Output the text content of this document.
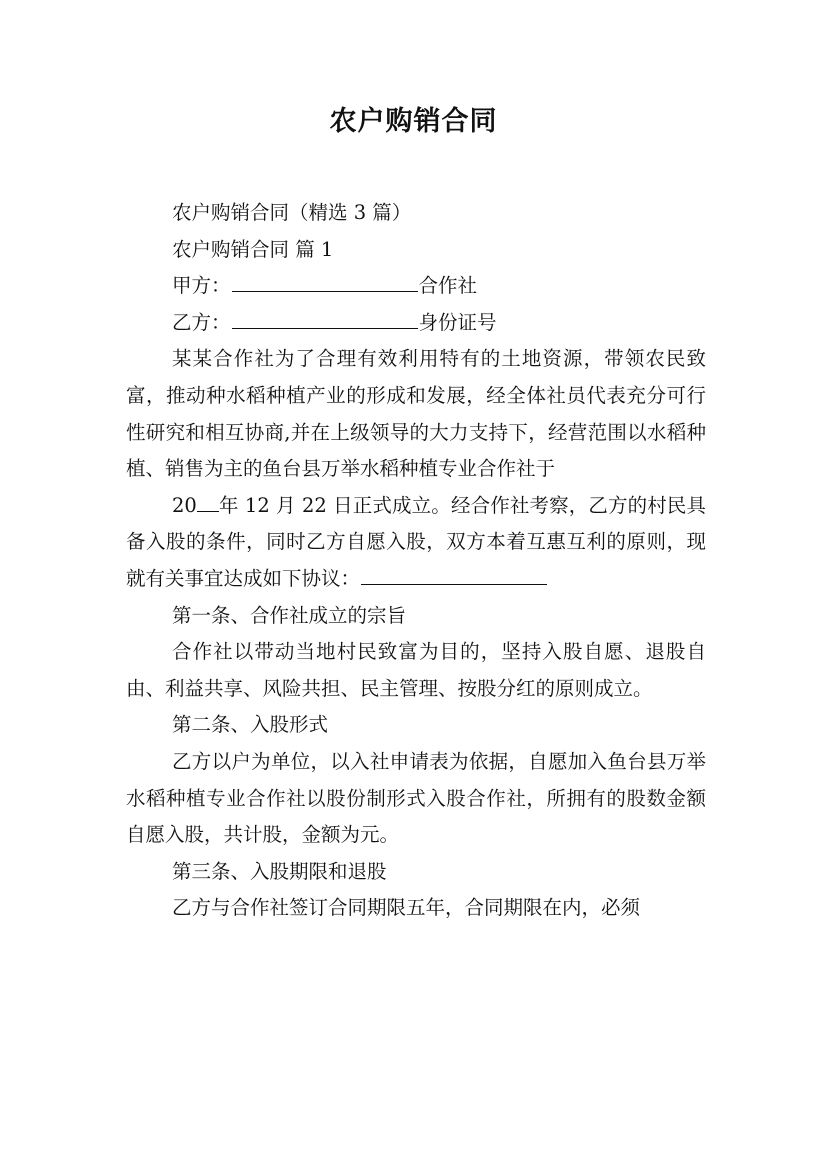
农户购销合同

农户购销合同（精选 3 篇）

农户购销合同 篇 1

甲方：	合作社

乙方：	身份证号

某某合作社为了合理有效利用特有的土地资源，带领农民致富，推动种水稻种植产业的形成和发展，经全体社员代表充分可行性研究和相互协商,并在上级领导的大力支持下，经营范围以水稻种植、销售为主的鱼台县万举水稻种植专业合作社于

20 年 12 月 22 日正式成立。经合作社考察，乙方的村民具备入股的条件，同时乙方自愿入股，双方本着互惠互利的原则，现就有关事宜达成如下协议：

第一条、合作社成立的宗旨

合作社以带动当地村民致富为目的，坚持入股自愿、退股自由、利益共享、风险共担、民主管理、按股分红的原则成立。

第二条、入股形式

乙方以户为单位，以入社申请表为依据，自愿加入鱼台县万举水稻种植专业合作社以股份制形式入股合作社，所拥有的股数金额自愿入股，共计股，金额为元。

第三条、入股期限和退股

乙方与合作社签订合同期限五年，合同期限在内，必须
